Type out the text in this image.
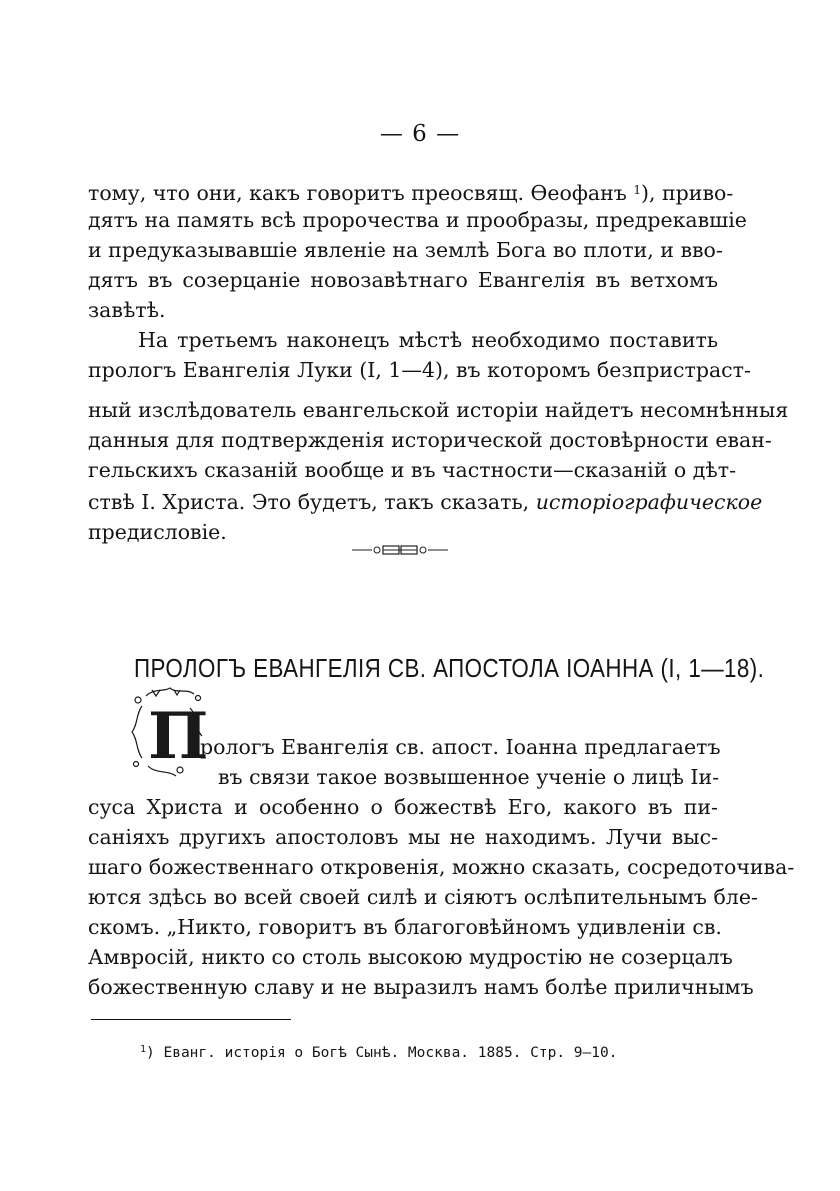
— 6 —
тому, что они, какъ говоритъ преосвящ. Ѳеофанъ $^1$), приво-
дятъ на память всѣ пророчества и прообразы, предрекавшіе
и предуказывавшіе явленіе на землѣ Бога во плоти, и вво-
дятъ въ созерцаніе новозавѣтнаго Евангелія въ ветхомъ
завѣтѣ.
На третьемъ наконецъ мѣстѣ необходимо поставить
прологъ Евангелія Луки (I, 1—4), въ которомъ безпристраст-
ный изслѣдователь евангельской исторіи найдетъ несомнѣнныя
данныя для подтвержденія исторической достовѣрности еван-
гельскихъ сказаній вообще и въ частности—сказаній о дѣт-
ствѣ I. Христа. Это будетъ, такъ сказать, исторіографическое
предисловіе.
ПРОЛОГЪ ЕВАНГЕЛІЯ СВ. АПОСТОЛА ІОАННА (I, 1—18).
П
рологъ Евангелія св. апост. Іоанна предлагаетъ
въ связи такое возвышенное ученіе о лицѣ Іи-
суса Христа и особенно о божествѣ Его, какого въ пи-
саніяхъ другихъ апостоловъ мы не находимъ. Лучи выс-
шаго божественнаго откровенія, можно сказать, сосредоточива-
ются здѣсь во всей своей силѣ и сіяютъ ослѣпительнымъ бле-
скомъ. „Никто, говоритъ въ благоговѣйномъ удивленіи св.
Амвросій, никто со столь высокою мудростію не созерцалъ
божественную славу и не выразилъ намъ болѣе приличнымъ
$^1$) Еванг. исторія о Богѣ Сынѣ. Москва. 1885. Стр. 9—10.
